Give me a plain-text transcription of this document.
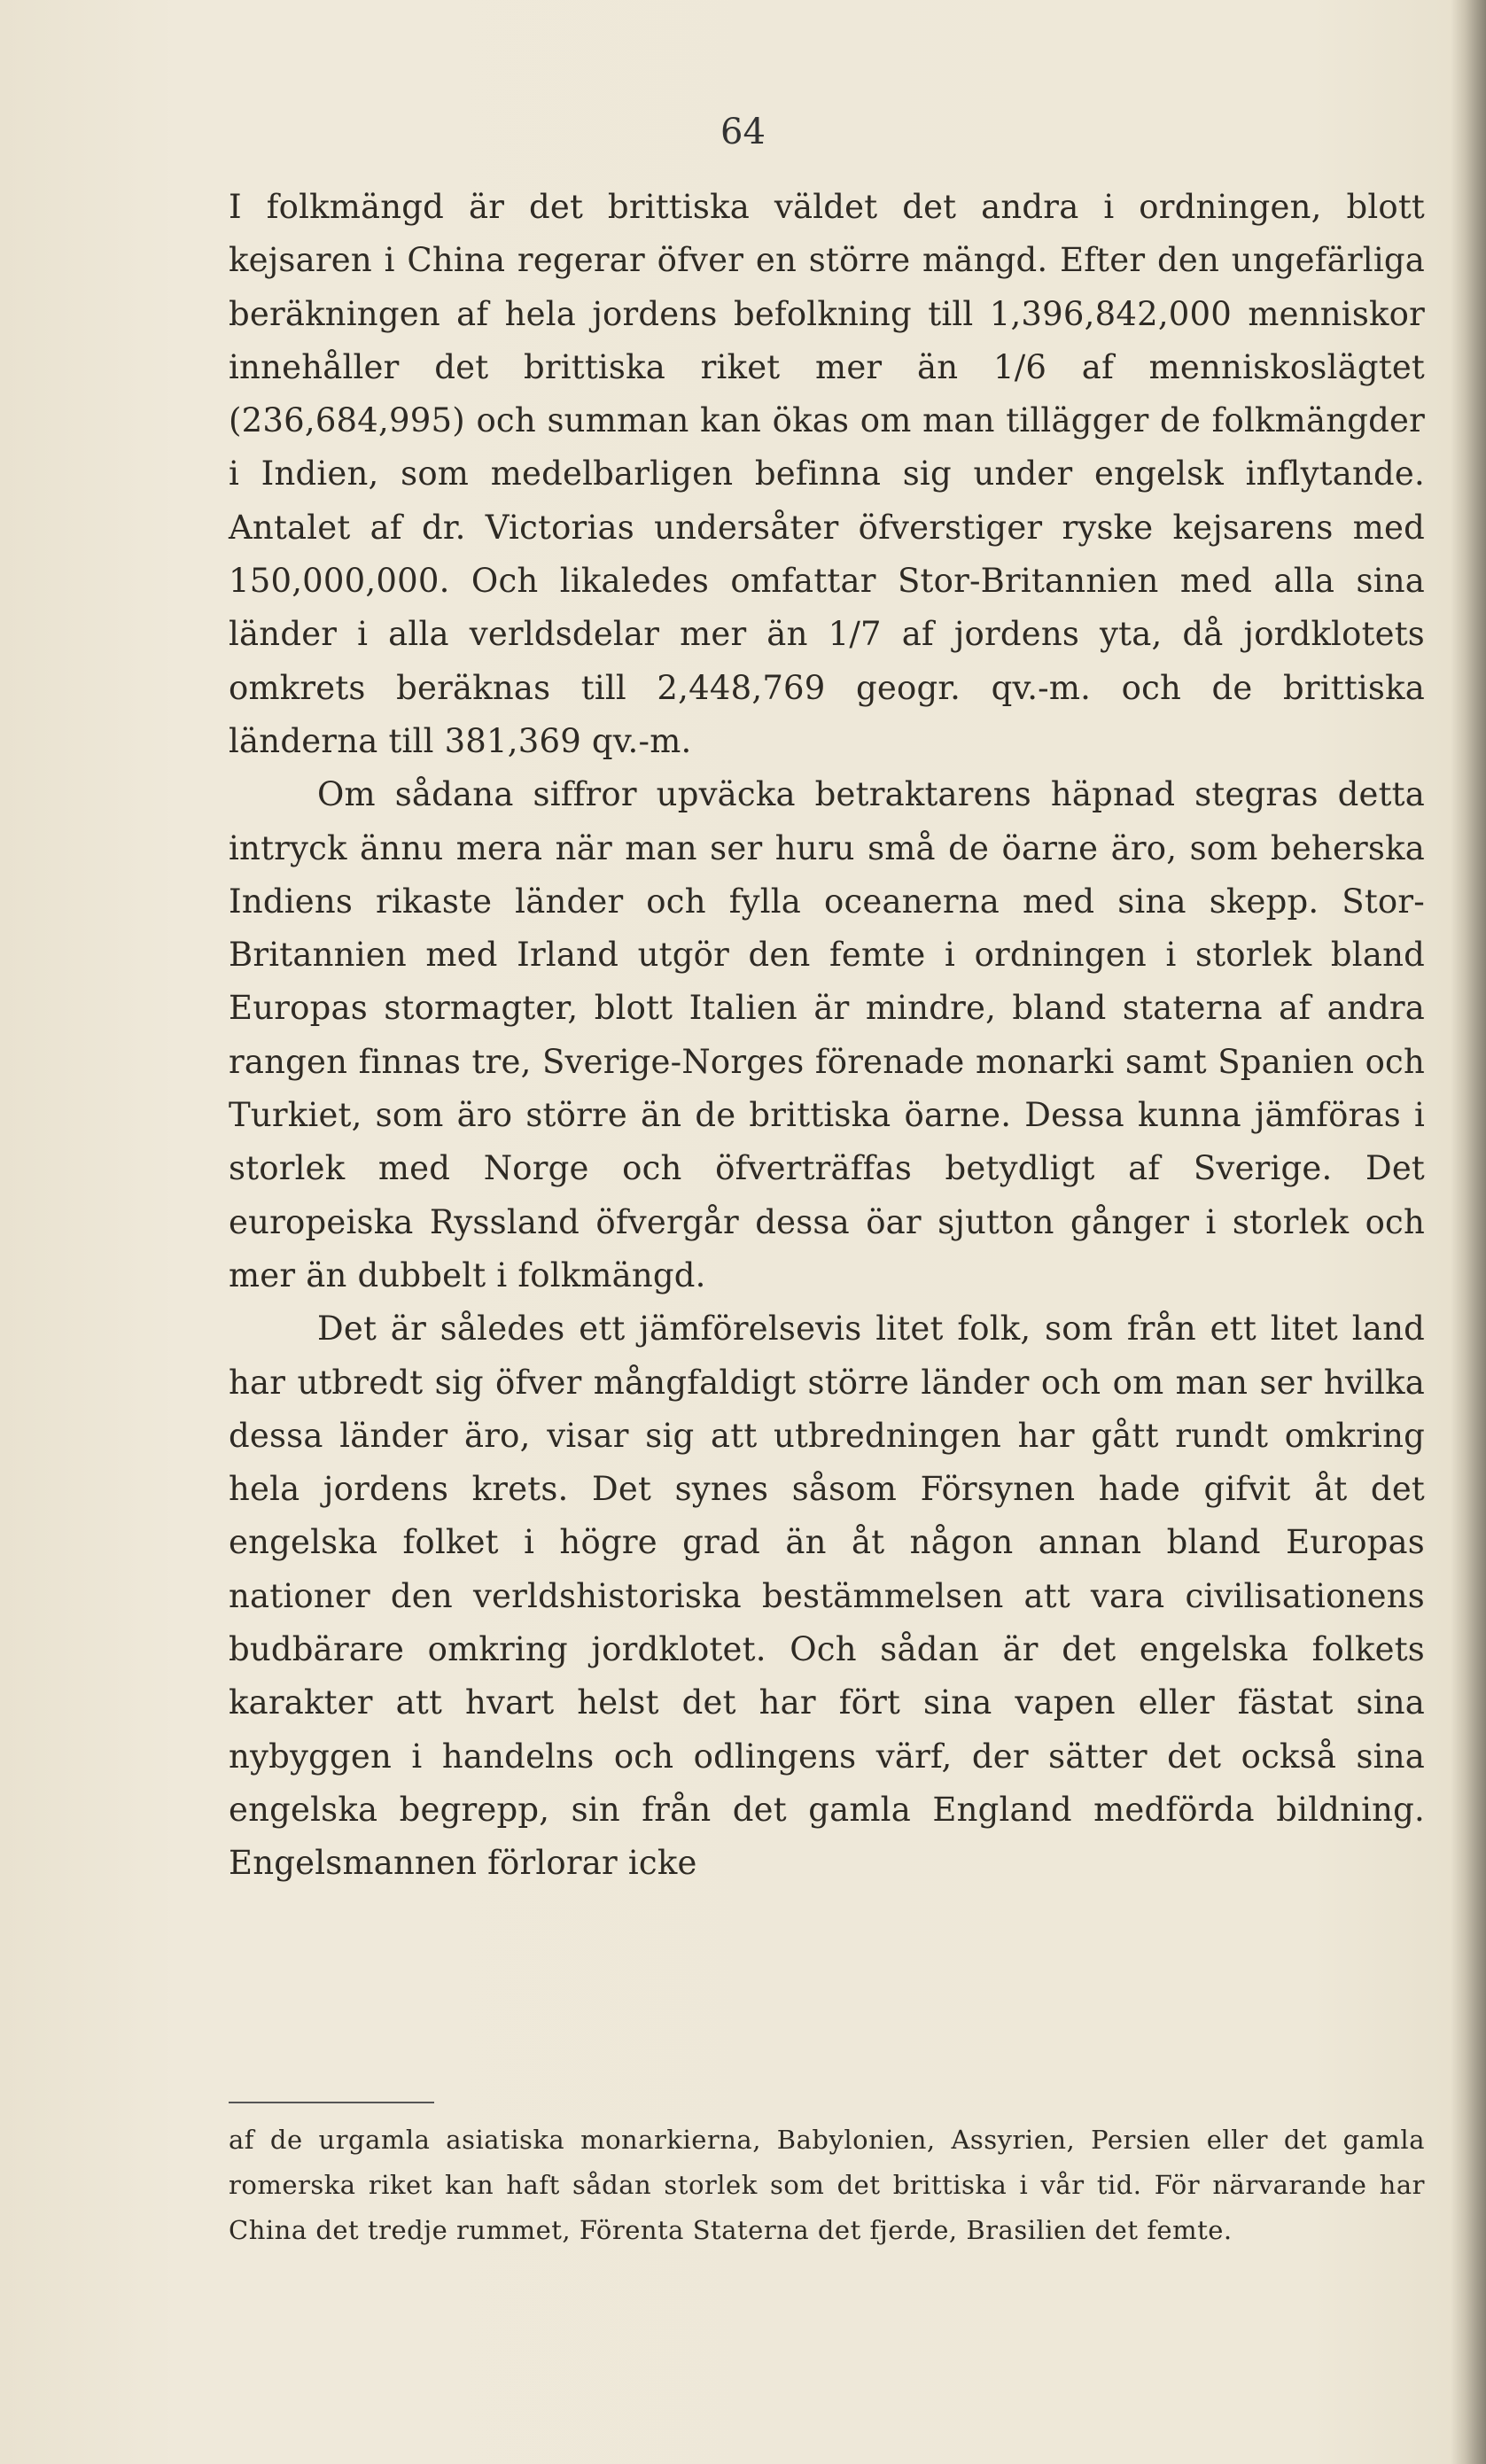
64

I folkmängd är det brittiska väldet det andra i ordningen, blott kejsaren i China regerar öfver en större mängd. Efter den ungefärliga beräkningen af hela jordens befolkning till 1,396,842,000 menniskor innehåller det brittiska riket mer än 1/6 af menniskoslägtet (236,684,995) och summan kan ökas om man tillägger de folkmängder i Indien, som medelbarligen befinna sig under engelsk inflytande. Antalet af dr. Victorias undersåter öfverstiger ryske kejsarens med 150,000,000. Och likaledes omfattar Stor-Britannien med alla sina länder i alla verldsdelar mer än 1/7 af jordens yta, då jordklotets omkrets beräknas till 2,448,769 geogr. qv.-m. och de brittiska länderna till 381,369 qv.-m.

Om sådana siffror upväcka betraktarens häpnad stegras detta intryck ännu mera när man ser huru små de öarne äro, som beherska Indiens rikaste länder och fylla oceanerna med sina skepp. Stor-Britannien med Irland utgör den femte i ordningen i storlek bland Europas stormagter, blott Italien är mindre, bland staterna af andra rangen finnas tre, Sverige-Norges förenade monarki samt Spanien och Turkiet, som äro större än de brittiska öarne. Dessa kunna jämföras i storlek med Norge och öfverträffas betydligt af Sverige. Det europeiska Ryssland öfvergår dessa öar sjutton gånger i storlek och mer än dubbelt i folkmängd.

Det är således ett jämförelsevis litet folk, som från ett litet land har utbredt sig öfver mångfaldigt större länder och om man ser hvilka dessa länder äro, visar sig att utbredningen har gått rundt omkring hela jordens krets. Det synes såsom Försynen hade gifvit åt det engelska folket i högre grad än åt någon annan bland Europas nationer den verldshistoriska bestämmelsen att vara civilisationens budbärare omkring jordklotet. Och sådan är det engelska folkets karakter att hvart helst det har fört sina vapen eller fästat sina nybyggen i handelns och odlingens värf, der sätter det också sina engelska begrepp, sin från det gamla England medförda bildning. Engelsmannen förlorar icke

af de urgamla asiatiska monarkierna, Babylonien, Assyrien, Persien eller det gamla romerska riket kan haft sådan storlek som det brittiska i vår tid. För närvarande har China det tredje rummet, Förenta Staterna det fjerde, Brasilien det femte.
